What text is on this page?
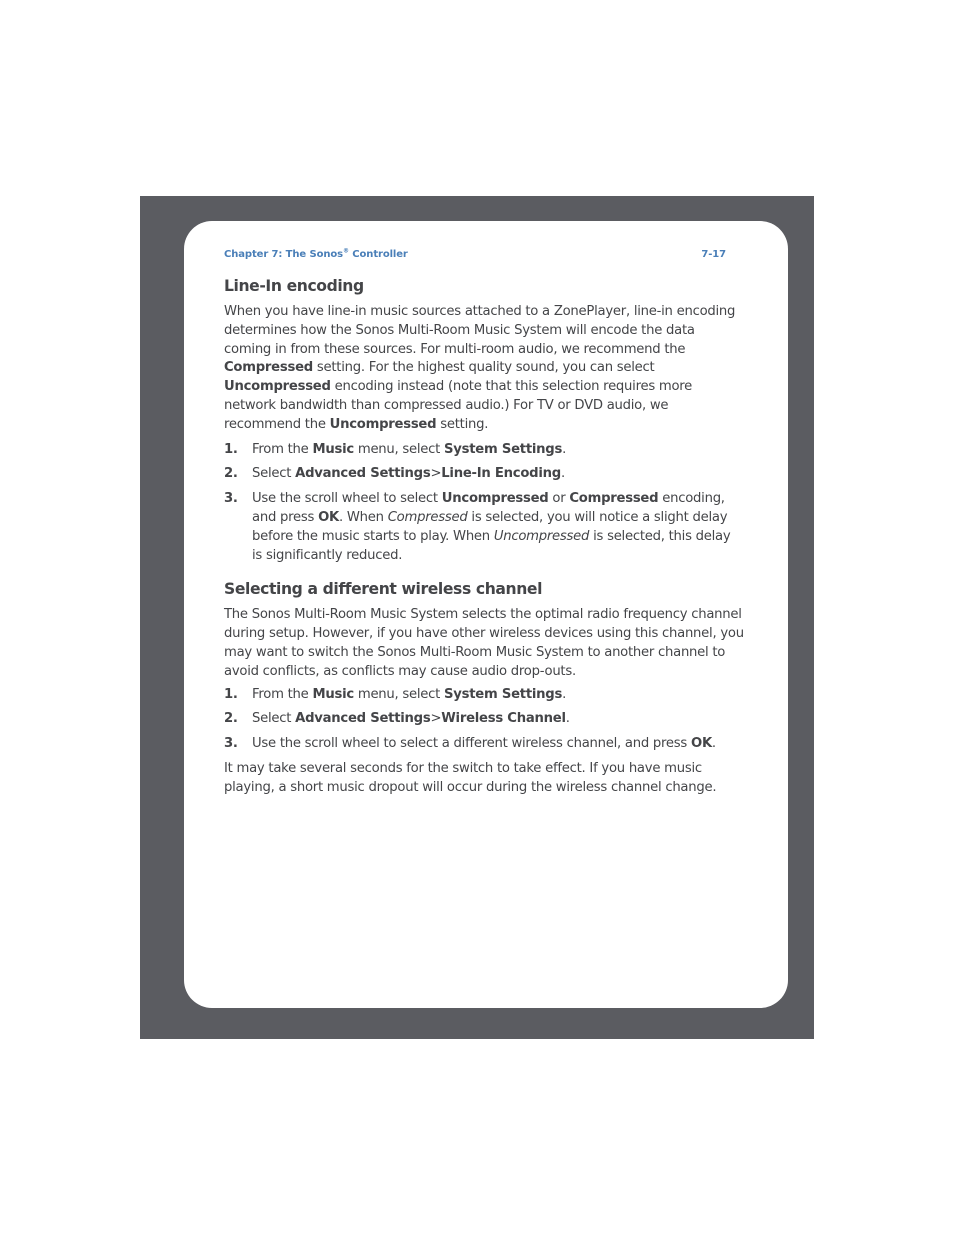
Chapter 7: The Sonos® Controller	7-17
Line-In encoding

When you have line-in music sources attached to a ZonePlayer, line-in encoding determines how the Sonos Multi-Room Music System will encode the data coming in from these sources. For multi-room audio, we recommend the Compressed setting. For the highest quality sound, you can select Uncompressed encoding instead (note that this selection requires more network bandwidth than compressed audio.) For TV or DVD audio, we recommend the Uncompressed setting.

1. From the Music menu, select System Settings.
2. Select Advanced Settings>Line-In Encoding.
3. Use the scroll wheel to select Uncompressed or Compressed encoding, and press OK. When Compressed is selected, you will notice a slight delay before the music starts to play. When Uncompressed is selected, this delay is significantly reduced.
Selecting a different wireless channel

The Sonos Multi-Room Music System selects the optimal radio frequency channel during setup. However, if you have other wireless devices using this channel, you may want to switch the Sonos Multi-Room Music System to another channel to avoid conflicts, as conflicts may cause audio drop-outs.

1. From the Music menu, select System Settings.
2. Select Advanced Settings>Wireless Channel.
3. Use the scroll wheel to select a different wireless channel, and press OK.

It may take several seconds for the switch to take effect. If you have music playing, a short music dropout will occur during the wireless channel change.
